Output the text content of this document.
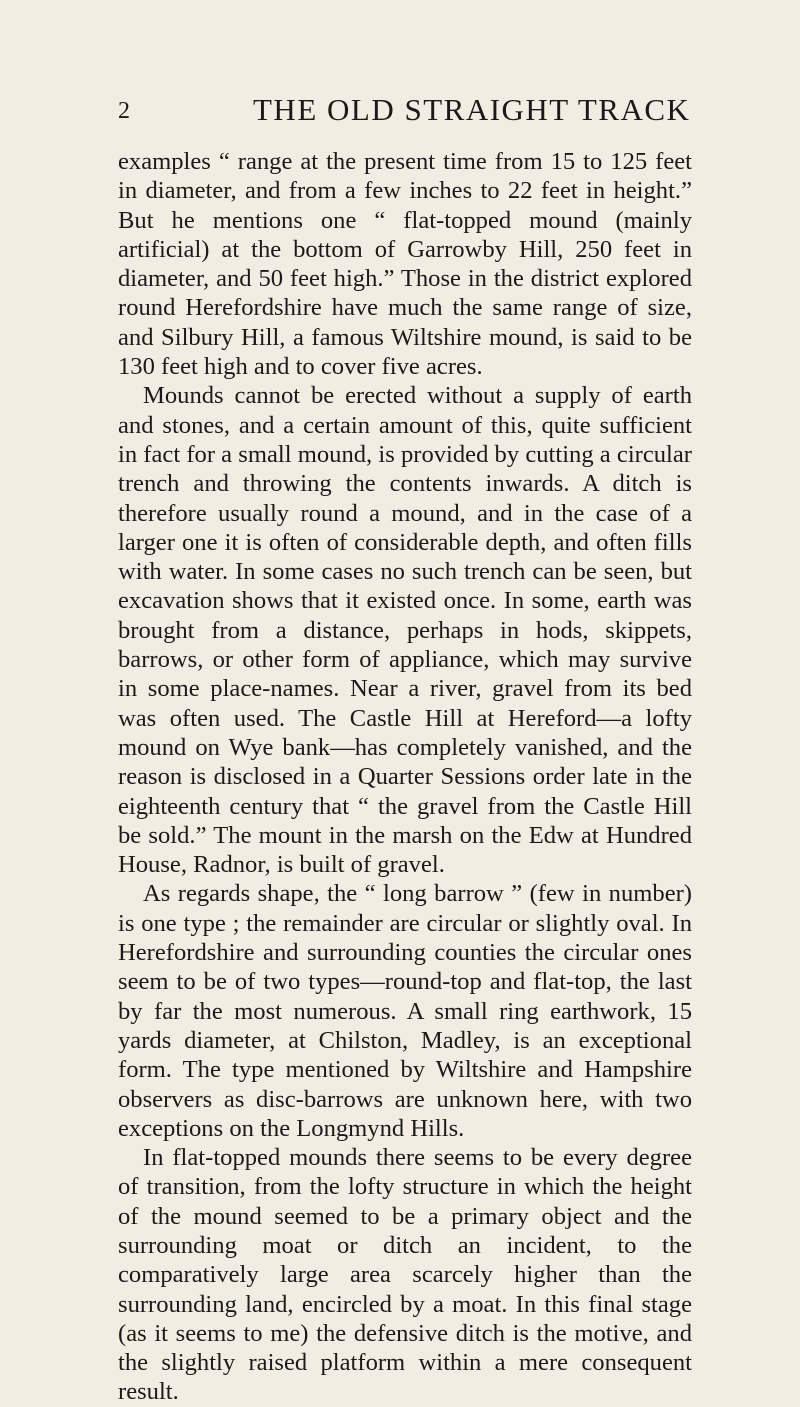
2	THE OLD STRAIGHT TRACK

examples “ range at the present time from 15 to 125 feet in diameter, and from a few inches to 22 feet in height.” But he mentions one “ flat-topped mound (mainly artificial) at the bottom of Garrowby Hill, 250 feet in diameter, and 50 feet high.” Those in the district explored round Herefordshire have much the same range of size, and Silbury Hill, a famous Wiltshire mound, is said to be 130 feet high and to cover five acres.

Mounds cannot be erected without a supply of earth and stones, and a certain amount of this, quite sufficient in fact for a small mound, is provided by cutting a circular trench and throwing the contents inwards. A ditch is therefore usually round a mound, and in the case of a larger one it is often of considerable depth, and often fills with water. In some cases no such trench can be seen, but excavation shows that it existed once. In some, earth was brought from a distance, perhaps in hods, skippets, barrows, or other form of appliance, which may survive in some place-names. Near a river, gravel from its bed was often used. The Castle Hill at Hereford—a lofty mound on Wye bank—has completely vanished, and the reason is disclosed in a Quarter Sessions order late in the eighteenth century that “ the gravel from the Castle Hill be sold.” The mount in the marsh on the Edw at Hundred House, Radnor, is built of gravel.

As regards shape, the “ long barrow ” (few in number) is one type ; the remainder are circular or slightly oval. In Herefordshire and surrounding counties the circular ones seem to be of two types—round-top and flat-top, the last by far the most numerous. A small ring earthwork, 15 yards diameter, at Chilston, Madley, is an exceptional form. The type mentioned by Wiltshire and Hampshire observers as disc-barrows are unknown here, with two exceptions on the Longmynd Hills.

In flat-topped mounds there seems to be every degree of transition, from the lofty structure in which the height of the mound seemed to be a primary object and the surrounding moat or ditch an incident, to the comparatively large area scarcely higher than the surrounding land, encircled by a moat. In this final stage (as it seems to me) the defensive ditch is the motive, and the slightly raised platform within a mere consequent result.
